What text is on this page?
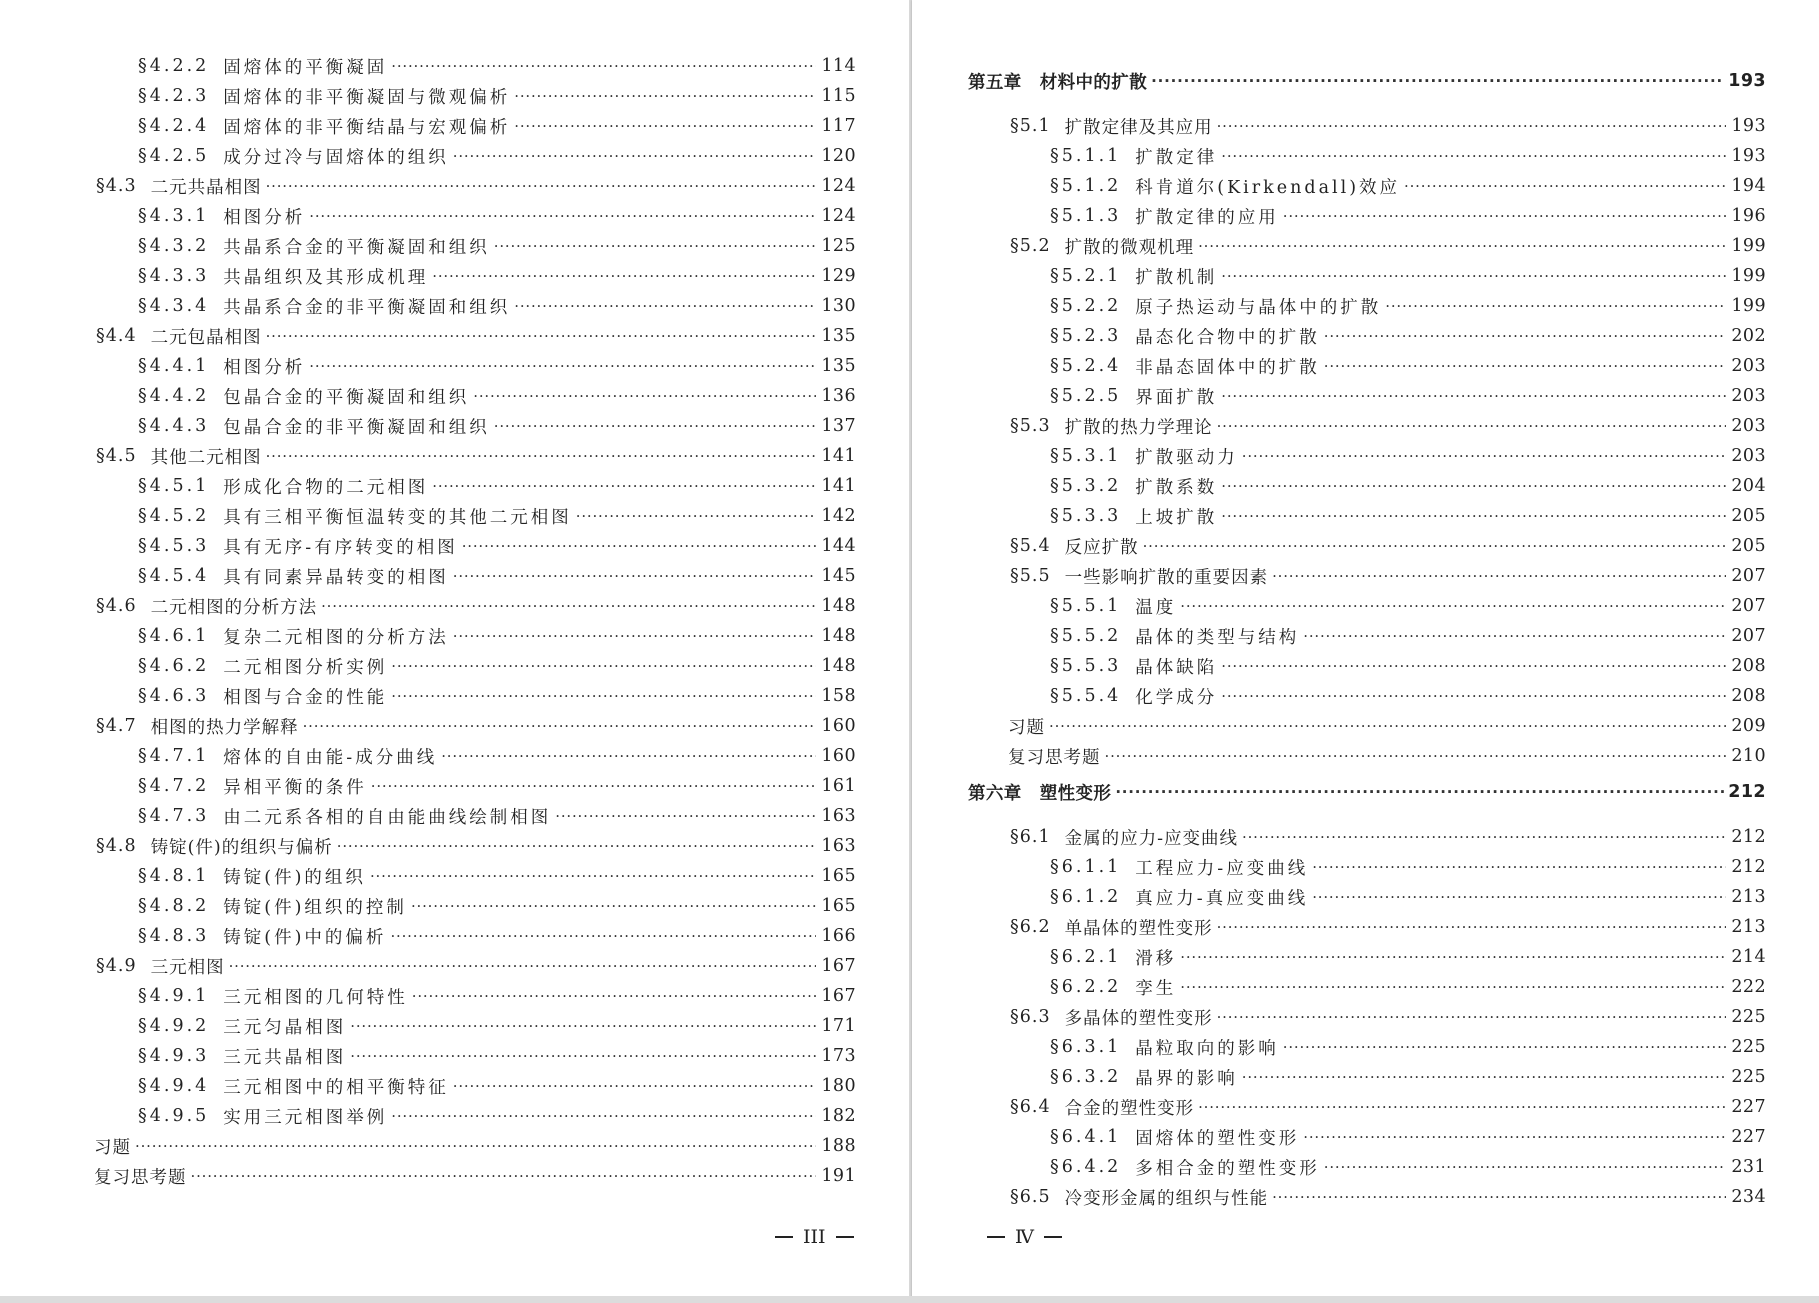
§4.2.2 固熔体的平衡凝固 ·····	114
§4.2.3 固熔体的非平衡凝固与微观偏析 ·····	115
§4.2.4 固熔体的非平衡结晶与宏观偏析 ·····	117
§4.2.5 成分过冷与固熔体的组织 ·····	120
§4.3 二元共晶相图 ·····	124
§4.3.1 相图分析 ·····	124
§4.3.2 共晶系合金的平衡凝固和组织 ·····	125
§4.3.3 共晶组织及其形成机理 ·····	129
§4.3.4 共晶系合金的非平衡凝固和组织 ·····	130
§4.4 二元包晶相图 ·····	135
§4.4.1 相图分析 ·····	135
§4.4.2 包晶合金的平衡凝固和组织 ·····	136
§4.4.3 包晶合金的非平衡凝固和组织 ·····	137
§4.5 其他二元相图 ·····	141
§4.5.1 形成化合物的二元相图 ·····	141
§4.5.2 具有三相平衡恒温转变的其他二元相图 ·····	142
§4.5.3 具有无序-有序转变的相图 ·····	144
§4.5.4 具有同素异晶转变的相图 ·····	145
§4.6 二元相图的分析方法 ·····	148
§4.6.1 复杂二元相图的分析方法 ·····	148
§4.6.2 二元相图分析实例 ·····	148
§4.6.3 相图与合金的性能 ·····	158
§4.7 相图的热力学解释 ·····	160
§4.7.1 熔体的自由能-成分曲线 ·····	160
§4.7.2 异相平衡的条件 ·····	161
§4.7.3 由二元系各相的自由能曲线绘制相图 ·····	163
§4.8 铸锭(件)的组织与偏析 ·····	163
§4.8.1 铸锭(件)的组织 ·····	165
§4.8.2 铸锭(件)组织的控制 ·····	165
§4.8.3 铸锭(件)中的偏析 ·····	166
§4.9 三元相图 ·····	167
§4.9.1 三元相图的几何特性 ·····	167
§4.9.2 三元匀晶相图 ·····	171
§4.9.3 三元共晶相图 ·····	173
§4.9.4 三元相图中的相平衡特征 ·····	180
§4.9.5 实用三元相图举例 ·····	182
习题 ·····	188
复习思考题 ·····	191
III
第五章 材料中的扩散 ·····	193
§5.1 扩散定律及其应用 ·····	193
§5.1.1 扩散定律 ·····	193
§5.1.2 科肯道尔(Kirkendall)效应 ·····	194
§5.1.3 扩散定律的应用 ·····	196
§5.2 扩散的微观机理 ·····	199
§5.2.1 扩散机制 ·····	199
§5.2.2 原子热运动与晶体中的扩散 ·····	199
§5.2.3 晶态化合物中的扩散 ·····	202
§5.2.4 非晶态固体中的扩散 ·····	203
§5.2.5 界面扩散 ·····	203
§5.3 扩散的热力学理论 ·····	203
§5.3.1 扩散驱动力 ·····	203
§5.3.2 扩散系数 ·····	204
§5.3.3 上坡扩散 ·····	205
§5.4 反应扩散 ·····	205
§5.5 一些影响扩散的重要因素 ·····	207
§5.5.1 温度 ·····	207
§5.5.2 晶体的类型与结构 ·····	207
§5.5.3 晶体缺陷 ·····	208
§5.5.4 化学成分 ·····	208
习题 ·····	209
复习思考题 ·····	210
第六章 塑性变形 ·····	212
§6.1 金属的应力-应变曲线 ·····	212
§6.1.1 工程应力-应变曲线 ·····	212
§6.1.2 真应力-真应变曲线 ·····	213
§6.2 单晶体的塑性变形 ·····	213
§6.2.1 滑移 ·····	214
§6.2.2 孪生 ·····	222
§6.3 多晶体的塑性变形 ·····	225
§6.3.1 晶粒取向的影响 ·····	225
§6.3.2 晶界的影响 ·····	225
§6.4 合金的塑性变形 ·····	227
§6.4.1 固熔体的塑性变形 ·····	227
§6.4.2 多相合金的塑性变形 ·····	231
§6.5 冷变形金属的组织与性能 ·····	234
Ⅳ
